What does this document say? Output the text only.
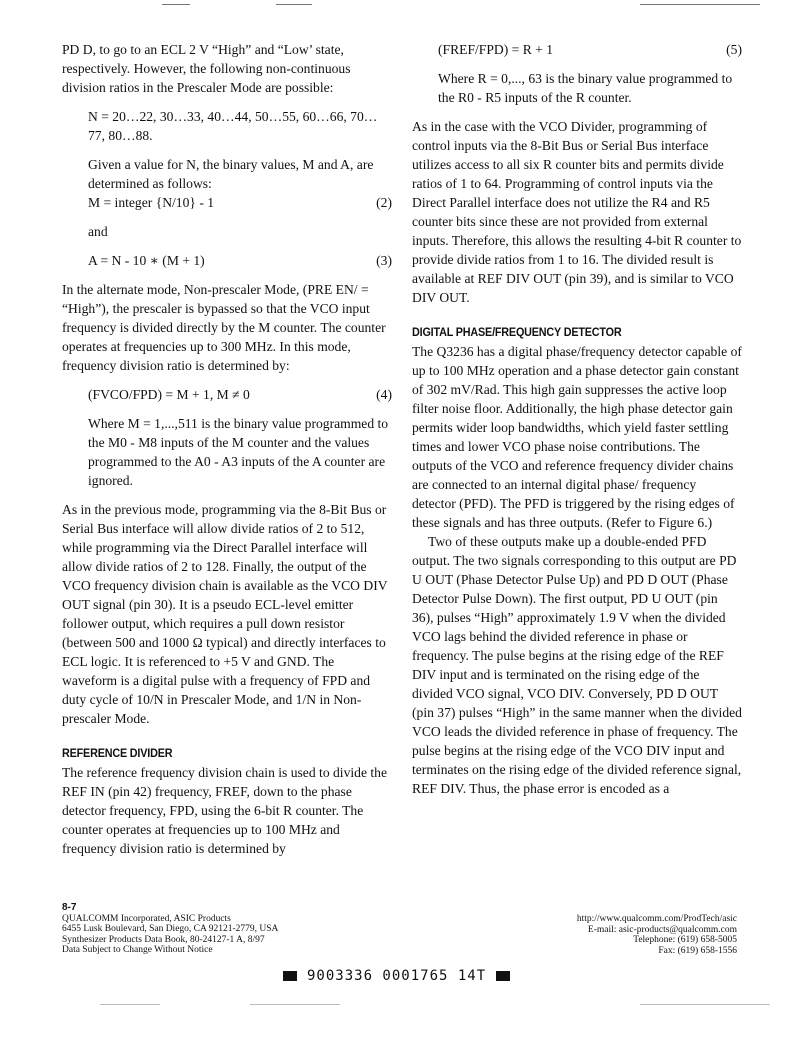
PD D, to go to an ECL 2 V “High” and “Low’ state, respectively. However, the following non-continuous division ratios in the Prescaler Mode are possible:

N = 20…22, 30…33, 40…44, 50…55, 60…66, 70…77, 80…88.

Given a value for N, the binary values, M and A, are determined as follows:

M = integer {N/10} - 1	(2)

and

A = N - 10 ∗ (M + 1)	(3)

In the alternate mode, Non-prescaler Mode, (PRE EN/ = “High”), the prescaler is bypassed so that the VCO input frequency is divided directly by the M counter. The counter operates at frequencies up to 300 MHz. In this mode, frequency division ratio is determined by:

(FVCO/FPD) = M + 1, M ≠ 0	(4)

Where M = 1,...,511 is the binary value programmed to the M0 - M8 inputs of the M counter and the values programmed to the A0 - A3 inputs of the A counter are ignored.

As in the previous mode, programming via the 8-Bit Bus or Serial Bus interface will allow divide ratios of 2 to 512, while programming via the Direct Parallel interface will allow divide ratios of 2 to 128. Finally, the output of the VCO frequency division chain is available as the VCO DIV OUT signal (pin 30). It is a pseudo ECL-level emitter follower output, which requires a pull down resistor (between 500 and 1000 Ω typical) and directly interfaces to ECL logic. It is referenced to +5 V and GND. The waveform is a digital pulse with a frequency of FPD and duty cycle of 10/N in Prescaler Mode, and 1/N in Non-prescaler Mode.

REFERENCE DIVIDER

The reference frequency division chain is used to divide the REF IN (pin 42) frequency, FREF, down to the phase detector frequency, FPD, using the 6-bit R counter. The counter operates at frequencies up to 100 MHz and frequency division ratio is determined by

(FREF/FPD) = R + 1	(5)

Where R = 0,..., 63 is the binary value programmed to the R0 - R5 inputs of the R counter.

As in the case with the VCO Divider, programming of control inputs via the 8-Bit Bus or Serial Bus interface utilizes access to all six R counter bits and permits divide ratios of 1 to 64. Programming of control inputs via the Direct Parallel interface does not utilize the R4 and R5 counter bits since these are not provided from external inputs. Therefore, this allows the resulting 4-bit R counter to provide divide ratios from 1 to 16. The divided result is available at REF DIV OUT (pin 39), and is similar to VCO DIV OUT.

DIGITAL PHASE/FREQUENCY DETECTOR

The Q3236 has a digital phase/frequency detector capable of up to 100 MHz operation and a phase detector gain constant of 302 mV/Rad. This high gain suppresses the active loop filter noise floor. Additionally, the high phase detector gain permits wider loop bandwidths, which yield faster settling times and lower VCO phase noise contributions. The outputs of the VCO and reference frequency divider chains are connected to an internal digital phase/ frequency detector (PFD). The PFD is triggered by the rising edges of these signals and has three outputs. (Refer to Figure 6.)

Two of these outputs make up a double-ended PFD output. The two signals corresponding to this output are PD U OUT (Phase Detector Pulse Up) and PD D OUT (Phase Detector Pulse Down). The first output, PD U OUT (pin 36), pulses “High” approximately 1.9 V when the divided VCO lags behind the divided reference in phase or frequency. The pulse begins at the rising edge of the REF DIV input and is terminated on the rising edge of the divided VCO signal, VCO DIV. Conversely, PD D OUT (pin 37) pulses “High” in the same manner when the divided VCO leads the divided reference in phase of frequency. The pulse begins at the rising edge of the VCO DIV input and terminates on the rising edge of the divided reference signal, REF DIV. Thus, the phase error is encoded as a

8-7
QUALCOMM Incorporated, ASIC Products
6455 Lusk Boulevard, San Diego, CA 92121-2779, USA
Synthesizer Products Data Book, 80-24127-1 A, 8/97
Data Subject to Change Without Notice
http://www.qualcomm.com/ProdTech/asic
E-mail: asic-products@qualcomm.com
Telephone: (619) 658-5005
Fax: (619) 658-1556
9003336 0001765 14T
